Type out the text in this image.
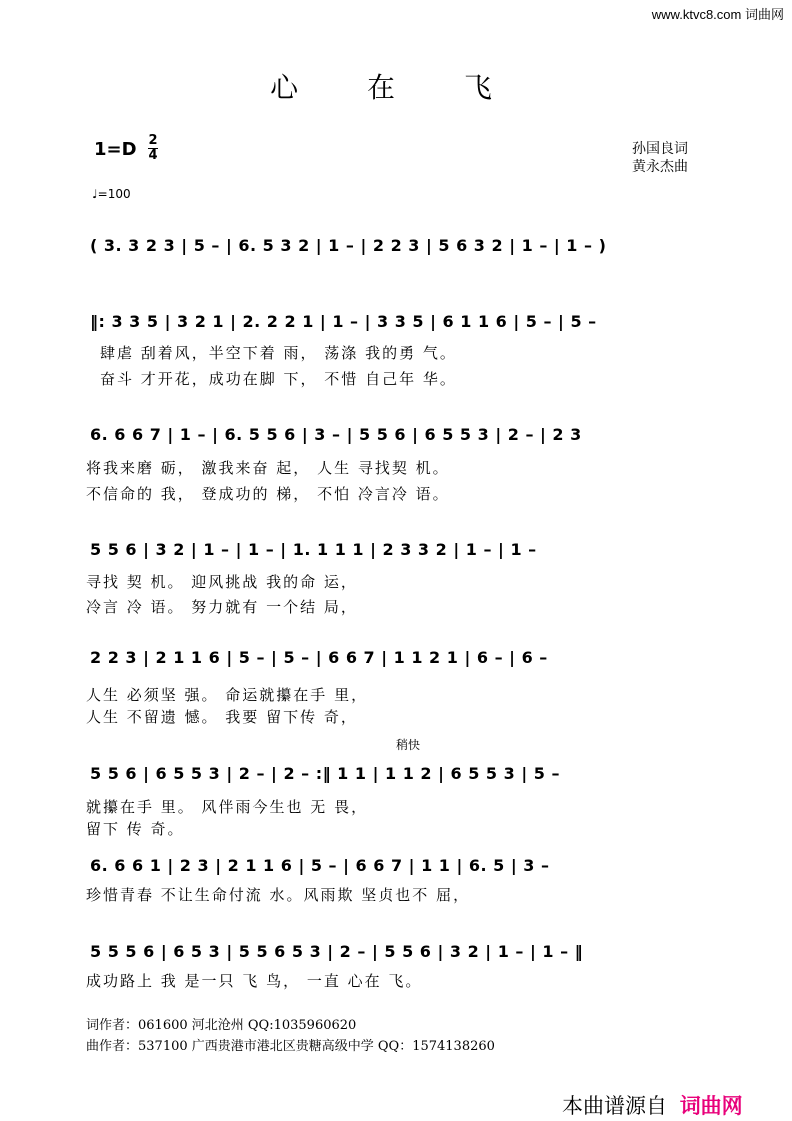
www.ktvc8.com 词曲网
心 在 飞
1=D 2
4
♩=100
孙国良词
黄永杰曲
( 3. 3 2 3 | 5 – | 6. 5 3 2 | 1 – | 2 2 3 | 5 6 3 2 | 1 – | 1 – )
‖: 3 3 5 | 3 2 1 | 2. 2 2 1 | 1 – | 3 3 5 | 6 1 1 6 | 5 – | 5 –
肆虐 刮着风，半空下着 雨， 荡涤 我的勇 气。
奋斗 才开花，成功在脚 下， 不惜 自己年 华。
6. 6 6 7 | 1 – | 6. 5 5 6 | 3 – | 5 5 6 | 6 5 5 3 | 2 – | 2 3
将我来磨 砺， 激我来奋 起， 人生 寻找契 机。
不信命的 我， 登成功的 梯， 不怕 冷言冷 语。
5 5 6 | 3 2 | 1 – | 1 – | 1. 1 1 1 | 2 3 3 2 | 1 – | 1 –
寻找 契 机。 迎风挑战 我的命 运，
冷言 冷 语。 努力就有 一个结 局，
2 2 3 | 2 1 1 6 | 5 – | 5 – | 6 6 7 | 1 1 2 1 | 6 – | 6 –
人生 必须坚 强。 命运就攥在手 里，
人生 不留遗 憾。 我要 留下传 奇，
稍快
5 5 6 | 6 5 5 3 | 2 – | 2 – :‖ 1 1 | 1 1 2 | 6 5 5 3 | 5 –
就攥在手 里。 风伴雨今生也 无 畏，
留下 传 奇。
6. 6 6 1 | 2 3 | 2 1 1 6 | 5 – | 6 6 7 | 1 1 | 6. 5 | 3 –
珍惜青春 不让生命付流 水。风雨欺 坚贞也不 屈，
5 5 5 6 | 6 5 3 | 5 5 6 5 3 | 2 – | 5 5 6 | 3 2 | 1 – | 1 – ‖
成功路上 我 是一只 飞 鸟， 一直 心在 飞。
词作者：061600 河北沧州 QQ:1035960620
曲作者：537100 广西贵港市港北区贵糖高级中学 QQ：1574138260
本曲谱源自 词曲网
